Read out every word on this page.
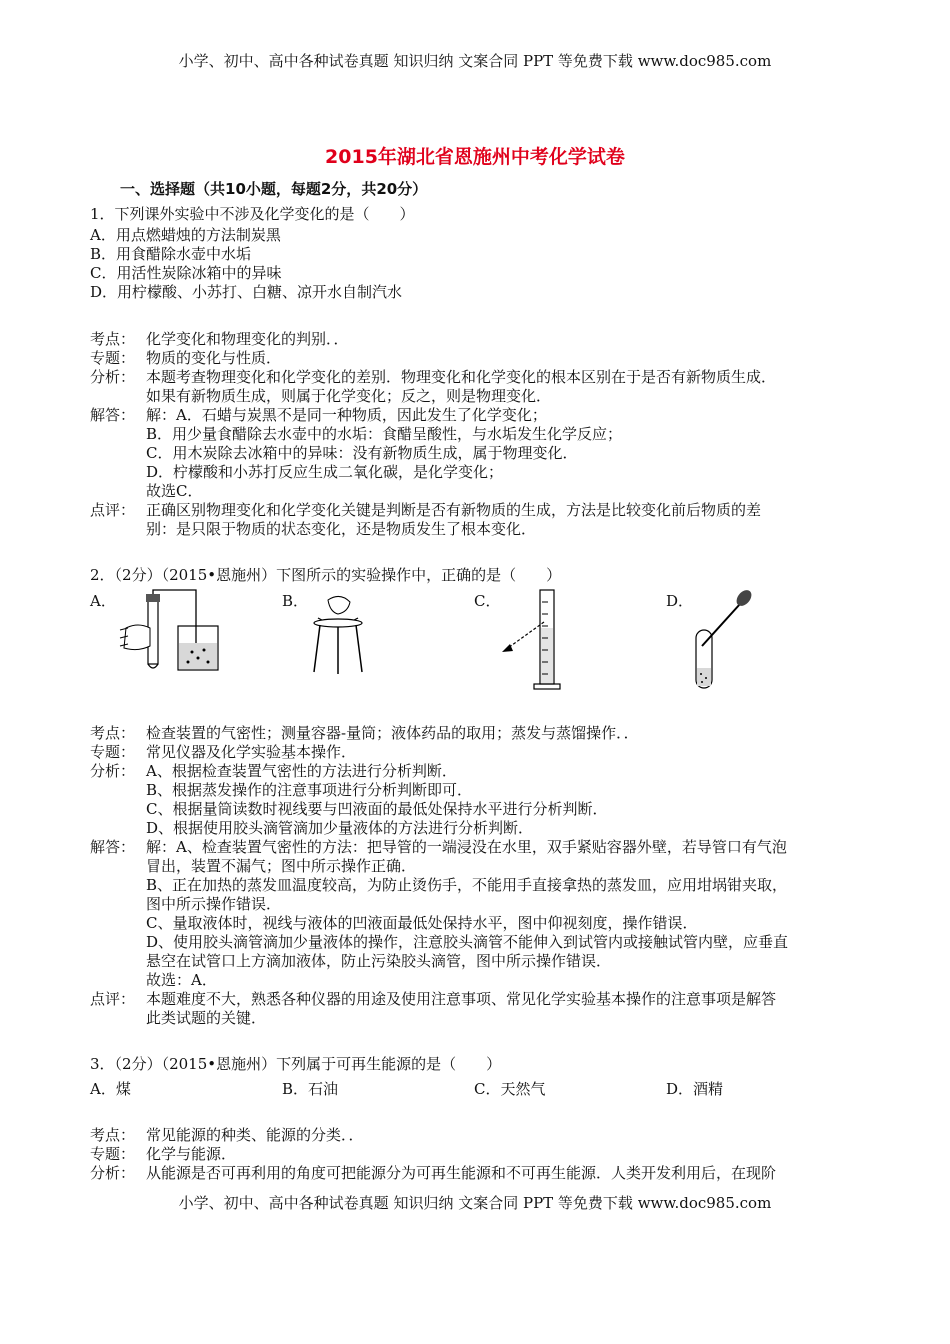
小学、初中、高中各种试卷真题 知识归纳 文案合同 PPT 等免费下载 www.doc985.com
小学、初中、高中各种试卷真题 知识归纳 文案合同 PPT 等免费下载 www.doc985.com
2015年湖北省恩施州中考化学试卷
一、选择题（共10小题，每题2分，共20分）
1．下列课外实验中不涉及化学变化的是（　　）
A．用点燃蜡烛的方法制炭黑
B．用食醋除水壶中水垢
C．用活性炭除冰箱中的异味
D．用柠檬酸、小苏打、白糖、凉开水自制汽水
考点： 化学变化和物理变化的判别．．
专题： 物质的变化与性质．
分析： 本题考查物理变化和化学变化的差别．物理变化和化学变化的根本区别在于是否有新物质生成．
如果有新物质生成，则属于化学变化；反之，则是物理变化．
解答： 解：A．石蜡与炭黑不是同一种物质，因此发生了化学变化；
B．用少量食醋除去水壶中的水垢：食醋呈酸性，与水垢发生化学反应；
C．用木炭除去冰箱中的异味：没有新物质生成，属于物理变化．
D．柠檬酸和小苏打反应生成二氧化碳，是化学变化；
故选C．
点评： 正确区别物理变化和化学变化关键是判断是否有新物质的生成，方法是比较变化前后物质的差
别：是只限于物质的状态变化，还是物质发生了根本变化．
2．（2分）（2015•恩施州）下图所示的实验操作中，正确的是（　　）
A．	B．	C．	D．
考点： 检查装置的气密性；测量容器-量筒；液体药品的取用；蒸发与蒸馏操作．．
专题： 常见仪器及化学实验基本操作．
分析： A、根据检查装置气密性的方法进行分析判断．
B、根据蒸发操作的注意事项进行分析判断即可．
C、根据量筒读数时视线要与凹液面的最低处保持水平进行分析判断．
D、根据使用胶头滴管滴加少量液体的方法进行分析判断．
解答： 解：A、检查装置气密性的方法：把导管的一端浸没在水里，双手紧贴容器外壁，若导管口有气泡
冒出，装置不漏气；图中所示操作正确．
B、正在加热的蒸发皿温度较高，为防止烫伤手，不能用手直接拿热的蒸发皿，应用坩埚钳夹取，
图中所示操作错误．
C、量取液体时，视线与液体的凹液面最低处保持水平，图中仰视刻度，操作错误．
D、使用胶头滴管滴加少量液体的操作，注意胶头滴管不能伸入到试管内或接触试管内壁，应垂直
悬空在试管口上方滴加液体，防止污染胶头滴管，图中所示操作错误．
故选：A．
点评： 本题难度不大，熟悉各种仪器的用途及使用注意事项、常见化学实验基本操作的注意事项是解答
此类试题的关键．
3．（2分）（2015•恩施州）下列属于可再生能源的是（　　）
A．煤	B．石油	C．天然气	D．酒精
考点： 常见能源的种类、能源的分类．．
专题： 化学与能源．
分析： 从能源是否可再利用的角度可把能源分为可再生能源和不可再生能源．人类开发利用后，在现阶
